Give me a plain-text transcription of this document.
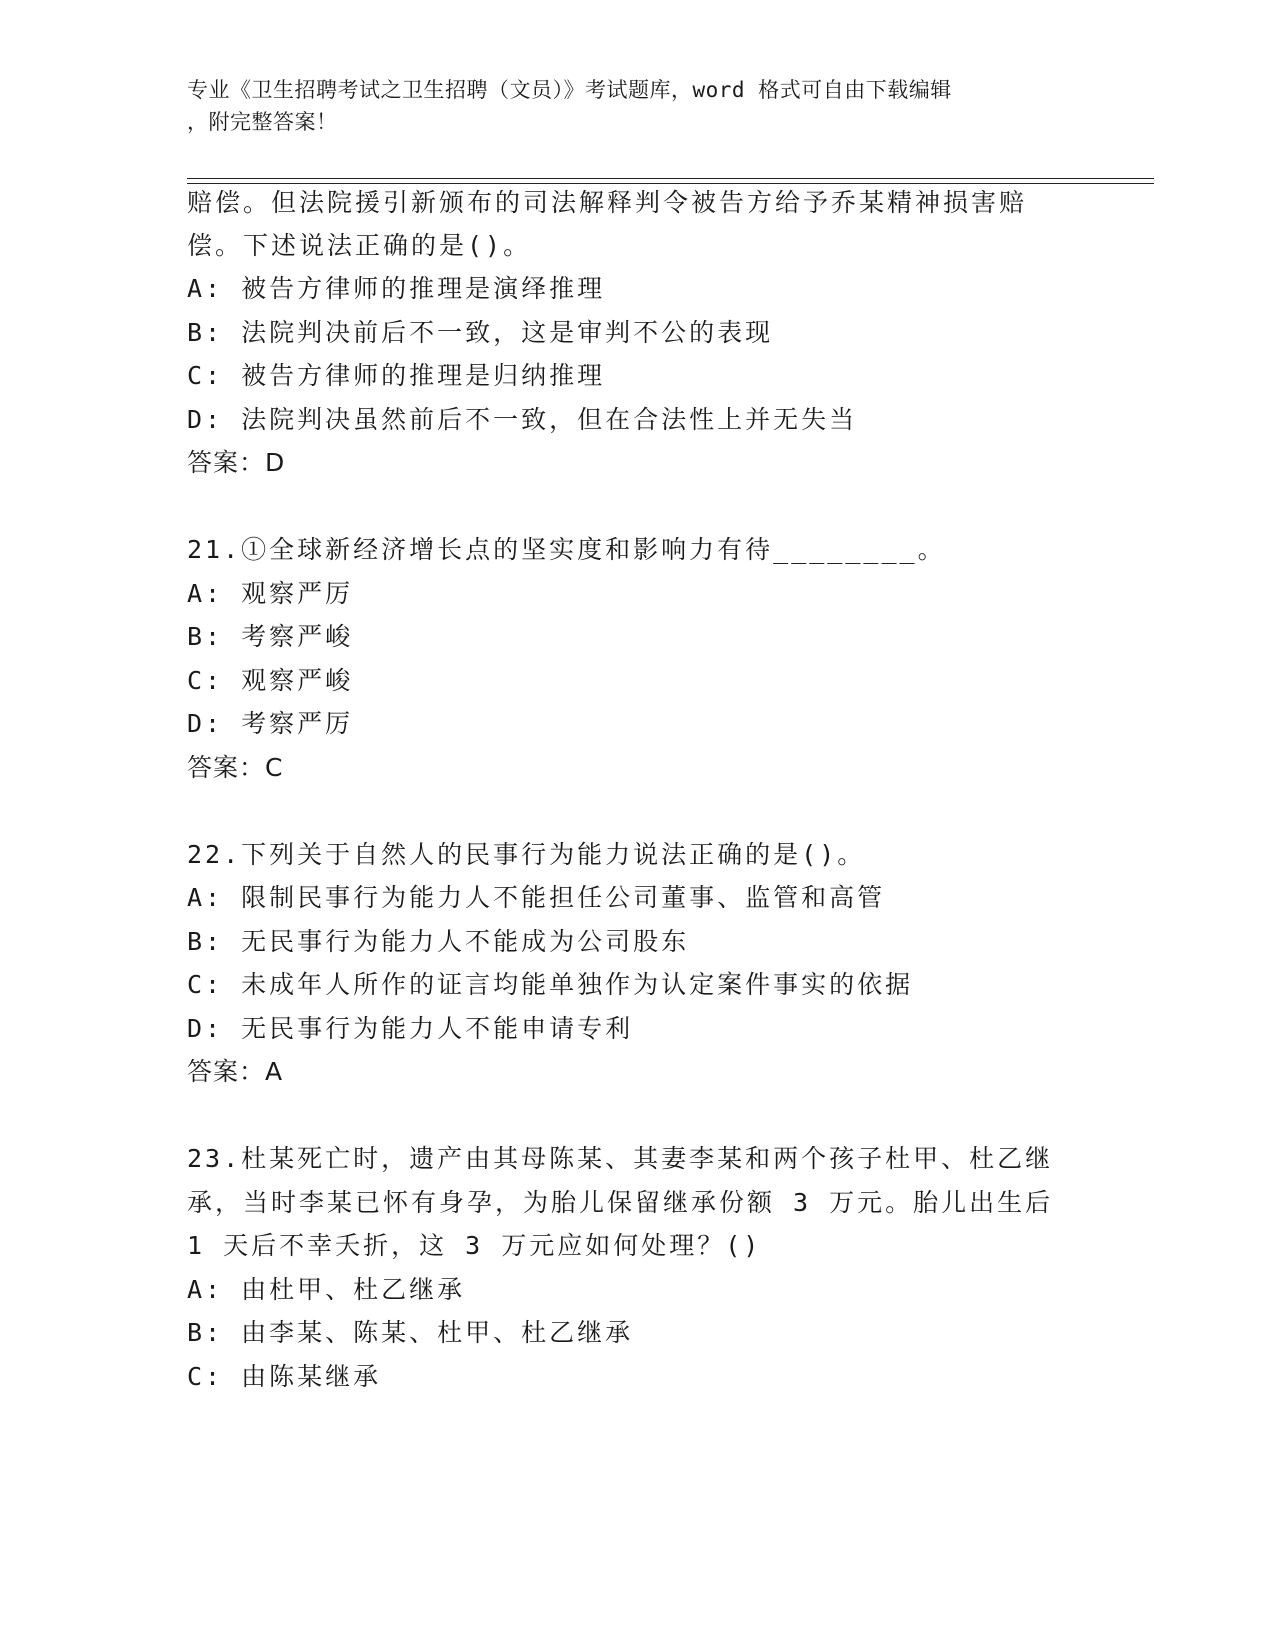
专业《卫生招聘考试之卫生招聘（文员）》考试题库，word 格式可自由下载编辑
，附完整答案！
赔偿。但法院援引新颁布的司法解释判令被告方给予乔某精神损害赔
偿。下述说法正确的是()。
A: 被告方律师的推理是演绎推理
B: 法院判决前后不一致，这是审判不公的表现
C: 被告方律师的推理是归纳推理
D: 法院判决虽然前后不一致，但在合法性上并无失当
答案：D
21.①全球新经济增长点的坚实度和影响力有待________。
A: 观察严厉
B: 考察严峻
C: 观察严峻
D: 考察严厉
答案：C
22.下列关于自然人的民事行为能力说法正确的是()。
A: 限制民事行为能力人不能担任公司董事、监管和高管
B: 无民事行为能力人不能成为公司股东
C: 未成年人所作的证言均能单独作为认定案件事实的依据
D: 无民事行为能力人不能申请专利
答案：A
23.杜某死亡时，遗产由其母陈某、其妻李某和两个孩子杜甲、杜乙继
承，当时李某已怀有身孕，为胎儿保留继承份额 3 万元。胎儿出生后
1 天后不幸夭折，这 3 万元应如何处理？()
A: 由杜甲、杜乙继承
B: 由李某、陈某、杜甲、杜乙继承
C: 由陈某继承
